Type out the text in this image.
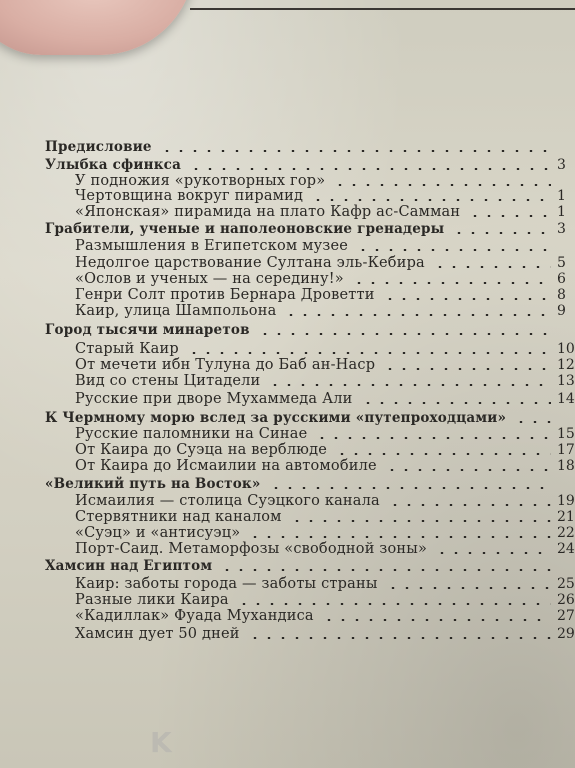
Предисловие
Улыбка сфинкса	3
У подножия «рукотворных гор»
Чертовщина вокруг пирамид	1
«Японская» пирамида на плато Кафр ас-Самман	1
Грабители, ученые и наполеоновские гренадеры	3
Размышления в Египетском музее
Недолгое царствование Султана эль-Кебира	5
«Ослов и ученых — на середину!»	6
Генри Солт против Бернара Дроветти	8
Каир, улица Шампольона	9
Город тысячи минаретов
Старый Каир	10
От мечети ибн Тулуна до Баб ан-Наср	12
Вид со стены Цитадели	13
Русские при дворе Мухаммеда Али	14
К Чермному морю вслед за русскими «путепроходцами»
Русские паломники на Синае	15
От Каира до Суэца на верблюде	17
От Каира до Исмаилии на автомобиле	18
«Великий путь на Восток»
Исмаилия — столица Суэцкого канала	19
Стервятники над каналом	21
«Суэц» и «антисуэц»	22
Порт-Саид. Метаморфозы «свободной зоны»	24
Хамсин над Египтом
Каир: заботы города — заботы страны	25
Разные лики Каира	26
«Кадиллак» Фуада Мухандиса	27
Хамсин дует 50 дней	29
K
